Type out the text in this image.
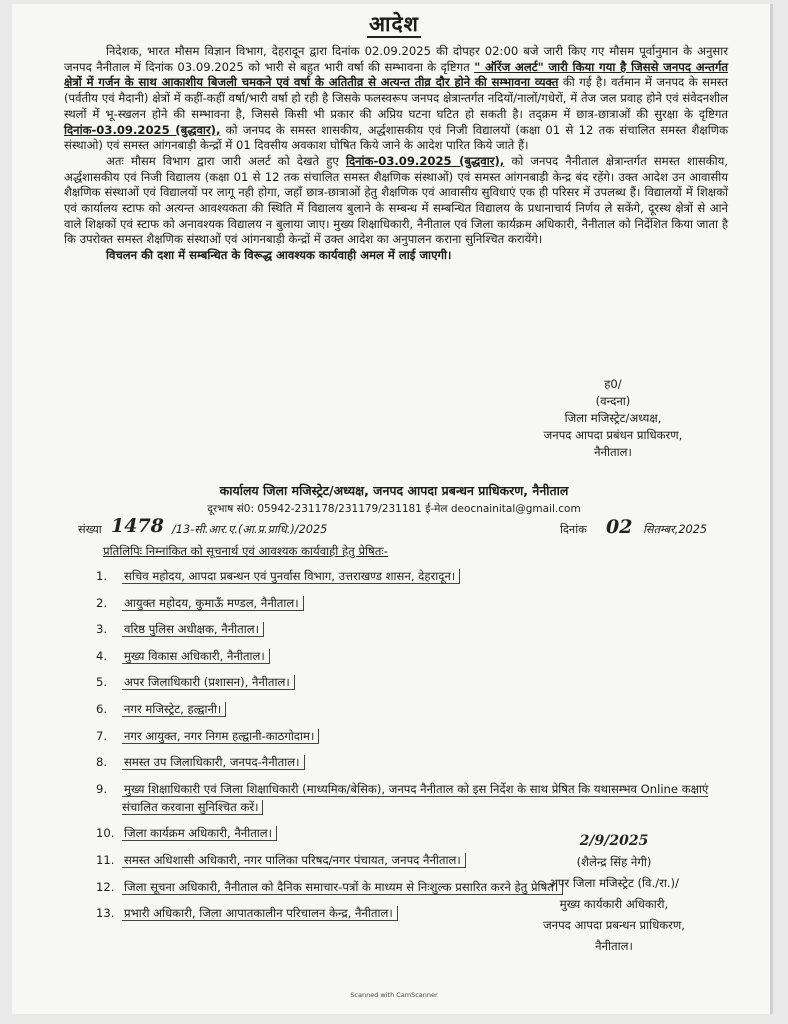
आदेश

निदेशक, भारत मौसम विज्ञान विभाग, देहरादून द्वारा दिनांक 02.09.2025 की दोपहर 02:00 बजे जारी किए गए मौसम पूर्वानुमान के अनुसार जनपद नैनीताल में दिनांक 03.09.2025 को भारी से बहुत भारी वर्षा की सम्भावना के दृष्टिगत " ऑरेंज अलर्ट" जारी किया गया है जिससे जनपद अन्तर्गत क्षेत्रों में गर्जन के साथ आकाशीय बिजली चमकने एवं वर्षा के अतितीव्र से अत्यन्त तीव्र दौर होने की सम्भावना व्यक्त की गई है। वर्तमान में जनपद के समस्त (पर्वतीय एवं मैदानी) क्षेत्रों में कहीं-कहीं वर्षा/भारी वर्षा हो रही है जिसके फलस्वरूप जनपद क्षेत्रान्तर्गत नदियों/नालों/गधेरों, में तेज जल प्रवाह होने एवं संवेदनशील स्थलों में भू-स्खलन होने की सम्भावना है, जिससे किसी भी प्रकार की अप्रिय घटना घटित हो सकती है। तद्‌क्रम में छात्र-छात्राओं की सुरक्षा के दृष्टिगत दिनांक-03.09.2025 (बुद्धवार), को जनपद के समस्त शासकीय, अर्द्धशासकीय एवं निजी विद्यालयों (कक्षा 01 से 12 तक संचालित समस्त शैक्षणिक संस्थाओ) एवं समस्त आंगनबाड़ी केन्द्रों में 01 दिवसीय अवकाश घोषित किये जाने के आदेश पारित किये जाते हैं।

अतः मौसम विभाग द्वारा जारी अलर्ट को देखते हुए दिनांक-03.09.2025 (बुद्धवार), को जनपद नैनीताल क्षेत्रान्तर्गत समस्त शासकीय, अर्द्धशासकीय एवं निजी विद्यालय (कक्षा 01 से 12 तक संचालित समस्त शैक्षणिक संस्थाओं) एवं समस्त आंगनबाड़ी केन्द्र बंद रहेंगे। उक्त आदेश उन आवासीय शैक्षणिक संस्थाओं एवं विद्यालयों पर लागू नही होगा, जहाँ छात्र-छात्राओं हेतु शैक्षणिक एवं आवासीय सुविधाएं एक ही परिसर में उपलब्ध हैं। विद्यालयों में शिक्षकों एवं कार्यालय स्टाफ को अत्यन्त आवश्यकता की स्थिति में विद्यालय बुलाने के सम्बन्ध में सम्बन्धित विद्यालय के प्रधानाचार्य निर्णय ले सकेंगे, दूरस्थ क्षेत्रों से आने वाले शिक्षकों एवं स्टाफ को अनावश्यक विद्यालय न बुलाया जाए। मुख्य शिक्षाधिकारी, नैनीताल एवं जिला कार्यक्रम अधिकारी, नैनीताल को निर्देशित किया जाता है कि उपरोक्त समस्त शैक्षणिक संस्थाओं एवं आंगनबाड़ी केन्द्रों में उक्त आदेश का अनुपालन कराना सुनिश्चित करायेंगे।

विचलन की दशा में सम्बन्धित के विरूद्ध आवश्यक कार्यवाही अमल में लाई जाएगी।

ह0/
(वन्दना)
जिला मजिस्ट्रेट/अध्यक्ष,
जनपद आपदा प्रबंधन प्राधिकरण,
नैनीताल।
कार्यालय जिला मजिस्ट्रेट/अध्यक्ष, जनपद आपदा प्रबन्धन प्राधिकरण, नैनीताल
दूरभाष सं0: 05942-231178/231179/231181 ई-मेल deocnainital@gmail.com
संख्या 1478 /13-सी.आर.ए.(आ.प्र.प्राधि.)/2025	दिनांक 02 सितम्बर,2025
प्रतिलिपिः निम्नांकित को सूचनार्थ एवं आवश्यक कार्यवाही हेतु प्रेषितः-
1.	सचिव महोदय, आपदा प्रबन्धन एवं पुनर्वास विभाग, उत्तराखण्ड शासन, देहरादून।
2.	आयुक्त महोदय, कुमाऊँ मण्डल, नैनीताल।
3.	वरिष्ठ पुलिस अधीक्षक, नैनीताल।
4.	मुख्य विकास अधिकारी, नैनीताल।
5.	अपर जिलाधिकारी (प्रशासन), नैनीताल।
6.	नगर मजिस्ट्रेट, हल्द्वानी।
7.	नगर आयुक्त, नगर निगम हल्द्वानी-काठगोदाम।
8.	समस्त उप जिलाधिकारी, जनपद-नैनीताल।
9.	मुख्य शिक्षाधिकारी एवं जिला शिक्षाधिकारी (माध्यमिक/बेसिक), जनपद नैनीताल को इस निर्देश के साथ प्रेषित कि यथासम्भव Online कक्षाएं संचालित करवाना सुनिश्चित करें।
10. जिला कार्यक्रम अधिकारी, नैनीताल।
11. समस्त अधिशासी अधिकारी, नगर पालिका परिषद/नगर पंचायत, जनपद नैनीताल।
12. जिला सूचना अधिकारी, नैनीताल को दैनिक समाचार-पत्रों के माध्यम से निःशुल्क प्रसारित करने हेतु प्रेषित।
13. प्रभारी अधिकारी, जिला आपातकालीन परिचालन केन्द्र, नैनीताल।
2/9/2025
(शैलेन्द्र सिंह नेगी)
अपर जिला मजिस्ट्रेट (वि./रा.)/
मुख्य कार्यकारी अधिकारी,
जनपद आपदा प्रबन्धन प्राधिकरण,
नैनीताल।
Scanned with CamScanner
